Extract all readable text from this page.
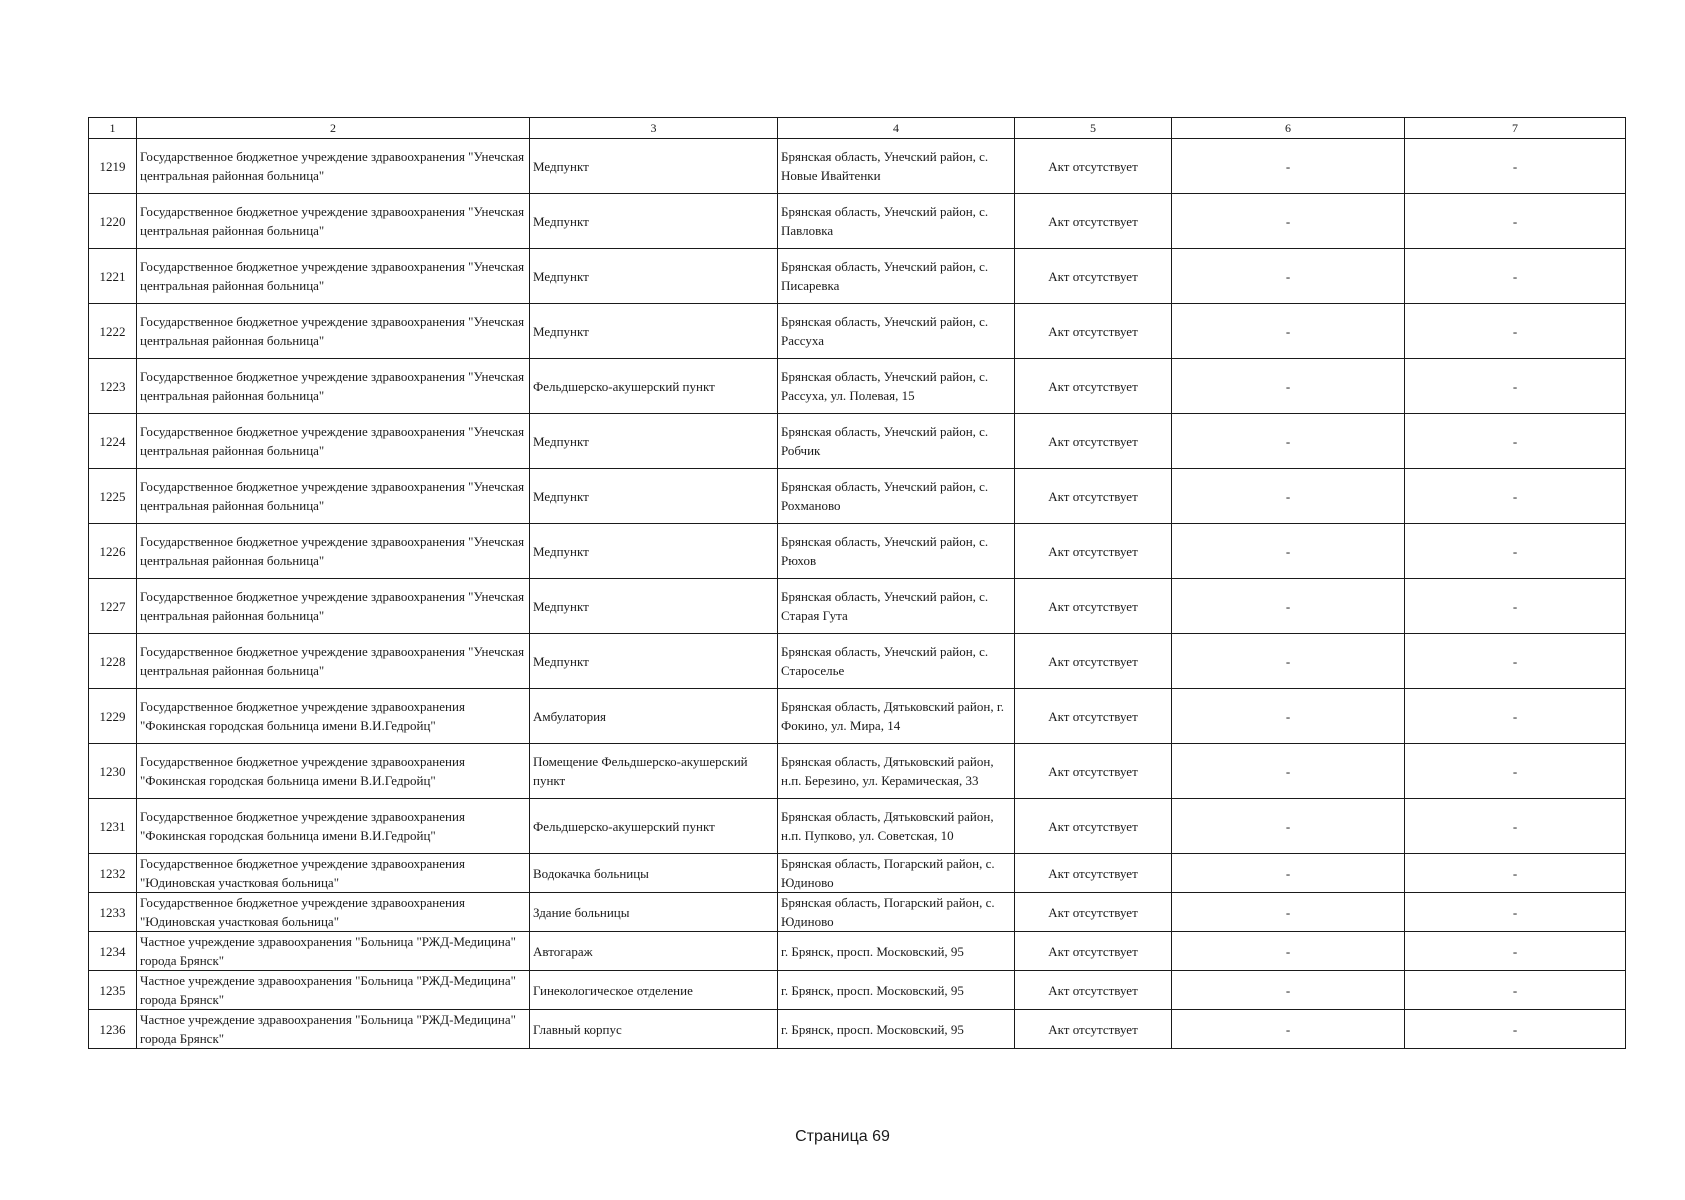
1	2	3	4	5	6	7
1219	Государственное бюджетное учреждение здравоохранения "Унечская центральная районная больница"	Медпункт	Брянская область, Унечский район, с. Новые Ивайтенки	Акт отсутствует	-	-
1220	Государственное бюджетное учреждение здравоохранения "Унечская центральная районная больница"	Медпункт	Брянская область, Унечский район, с. Павловка	Акт отсутствует	-	-
1221	Государственное бюджетное учреждение здравоохранения "Унечская центральная районная больница"	Медпункт	Брянская область, Унечский район, с. Писаревка	Акт отсутствует	-	-
1222	Государственное бюджетное учреждение здравоохранения "Унечская центральная районная больница"	Медпункт	Брянская область, Унечский район, с. Рассуха	Акт отсутствует	-	-
1223	Государственное бюджетное учреждение здравоохранения "Унечская центральная районная больница"	Фельдшерско-акушерский пункт	Брянская область, Унечский район, с. Рассуха, ул. Полевая, 15	Акт отсутствует	-	-
1224	Государственное бюджетное учреждение здравоохранения "Унечская центральная районная больница"	Медпункт	Брянская область, Унечский район, с. Робчик	Акт отсутствует	-	-
1225	Государственное бюджетное учреждение здравоохранения "Унечская центральная районная больница"	Медпункт	Брянская область, Унечский район, с. Рохманово	Акт отсутствует	-	-
1226	Государственное бюджетное учреждение здравоохранения "Унечская центральная районная больница"	Медпункт	Брянская область, Унечский район, с. Рюхов	Акт отсутствует	-	-
1227	Государственное бюджетное учреждение здравоохранения "Унечская центральная районная больница"	Медпункт	Брянская область, Унечский район, с. Старая Гута	Акт отсутствует	-	-
1228	Государственное бюджетное учреждение здравоохранения "Унечская центральная районная больница"	Медпункт	Брянская область, Унечский район, с. Староселье	Акт отсутствует	-	-
1229	Государственное бюджетное учреждение здравоохранения "Фокинская городская больница имени В.И.Гедройц"	Амбулатория	Брянская область, Дятьковский район, г. Фокино, ул. Мира, 14	Акт отсутствует	-	-
1230	Государственное бюджетное учреждение здравоохранения "Фокинская городская больница имени В.И.Гедройц"	Помещение Фельдшерско-акушерский пункт	Брянская область, Дятьковский район, н.п. Березино, ул. Керамическая, 33	Акт отсутствует	-	-
1231	Государственное бюджетное учреждение здравоохранения "Фокинская городская больница имени В.И.Гедройц"	Фельдшерско-акушерский пункт	Брянская область, Дятьковский район, н.п. Пупково, ул. Советская, 10	Акт отсутствует	-	-
1232	Государственное бюджетное учреждение здравоохранения "Юдиновская участковая больница"	Водокачка больницы	Брянская область, Погарский район, с. Юдиново	Акт отсутствует	-	-
1233	Государственное бюджетное учреждение здравоохранения "Юдиновская участковая больница"	Здание больницы	Брянская область, Погарский район, с. Юдиново	Акт отсутствует	-	-
1234	Частное учреждение здравоохранения "Больница "РЖД-Медицина" города Брянск"	Автогараж	г. Брянск, просп. Московский, 95	Акт отсутствует	-	-
1235	Частное учреждение здравоохранения "Больница "РЖД-Медицина" города Брянск"	Гинекологическое отделение	г. Брянск, просп. Московский, 95	Акт отсутствует	-	-
1236	Частное учреждение здравоохранения "Больница "РЖД-Медицина" города Брянск"	Главный корпус	г. Брянск, просп. Московский, 95	Акт отсутствует	-	-
Страница 69
